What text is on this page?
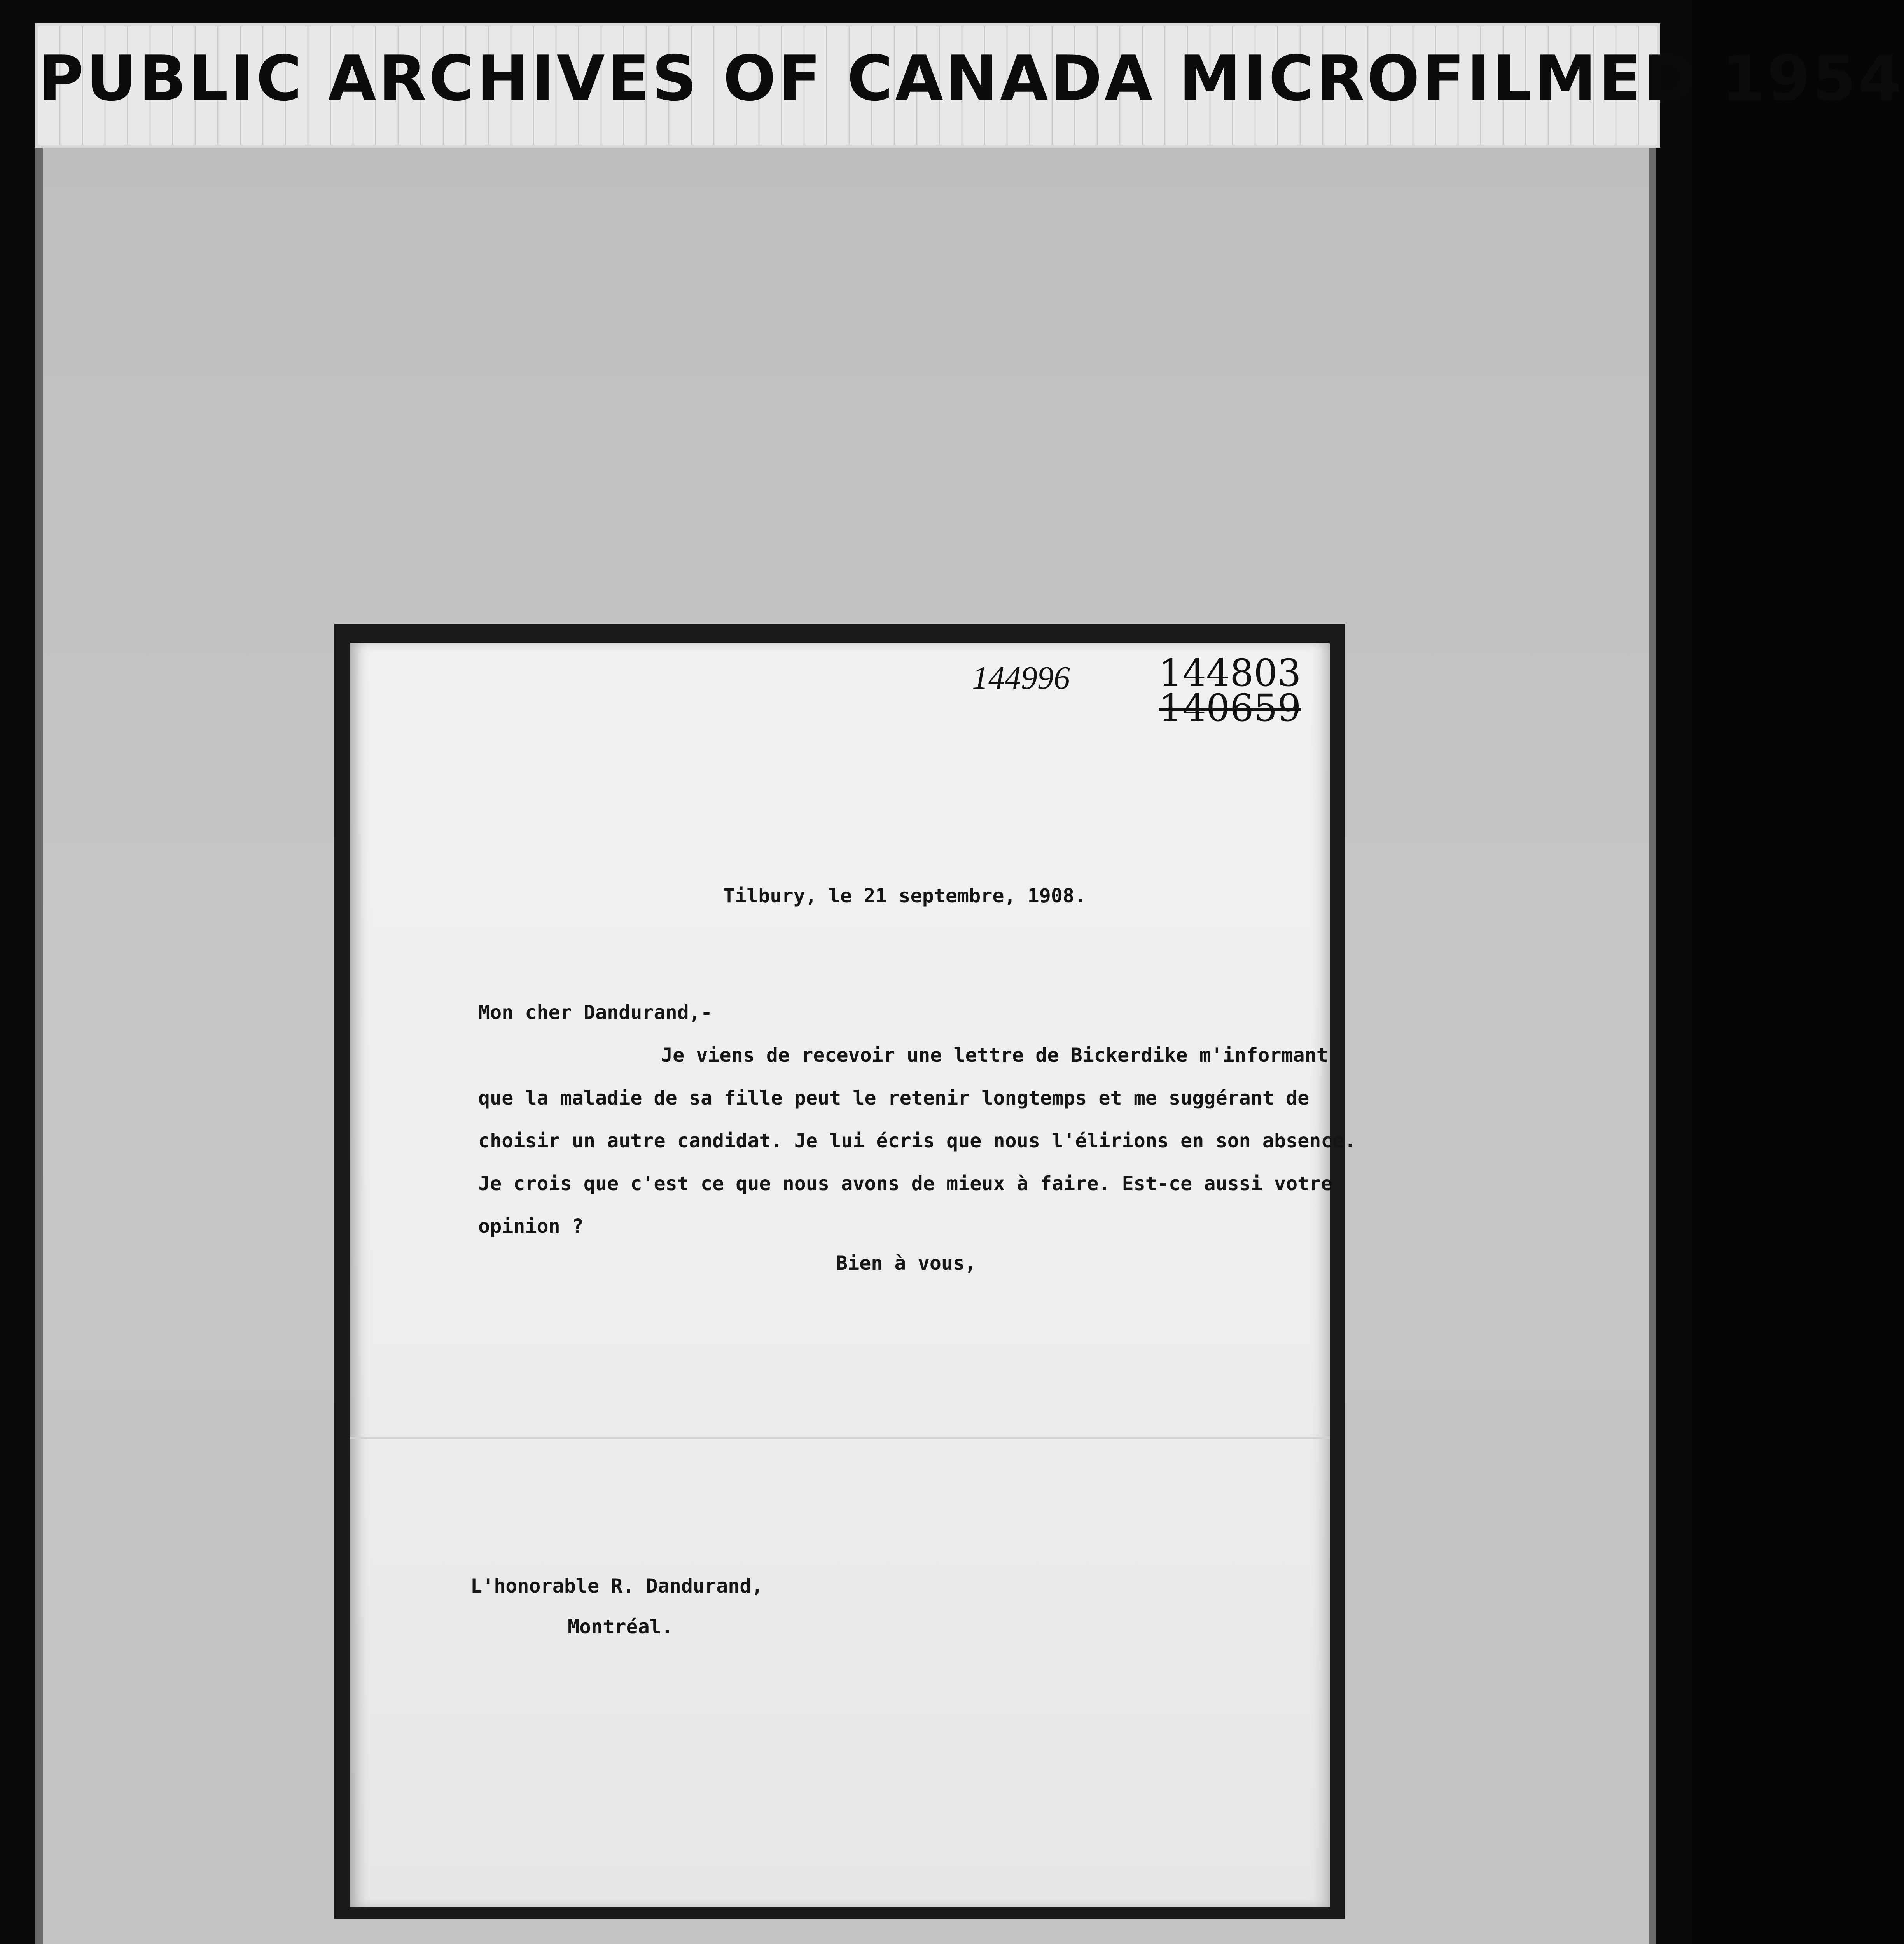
PUBLIC ARCHIVES OF CANADA MICROFILMED 1954
144996 144803
140659
Tilbury, le 21 septembre, 1908.
Mon cher Dandurand,-
Je viens de recevoir une lettre de Bickerdike m'informant
que la maladie de sa fille peut le retenir longtemps et me suggérant de
choisir un autre candidat. Je lui écris que nous l'élirions en son absence.
Je crois que c'est ce que nous avons de mieux à faire. Est-ce aussi votre
opinion ?
Bien à vous,
L'honorable R. Dandurand,
Montréal.
